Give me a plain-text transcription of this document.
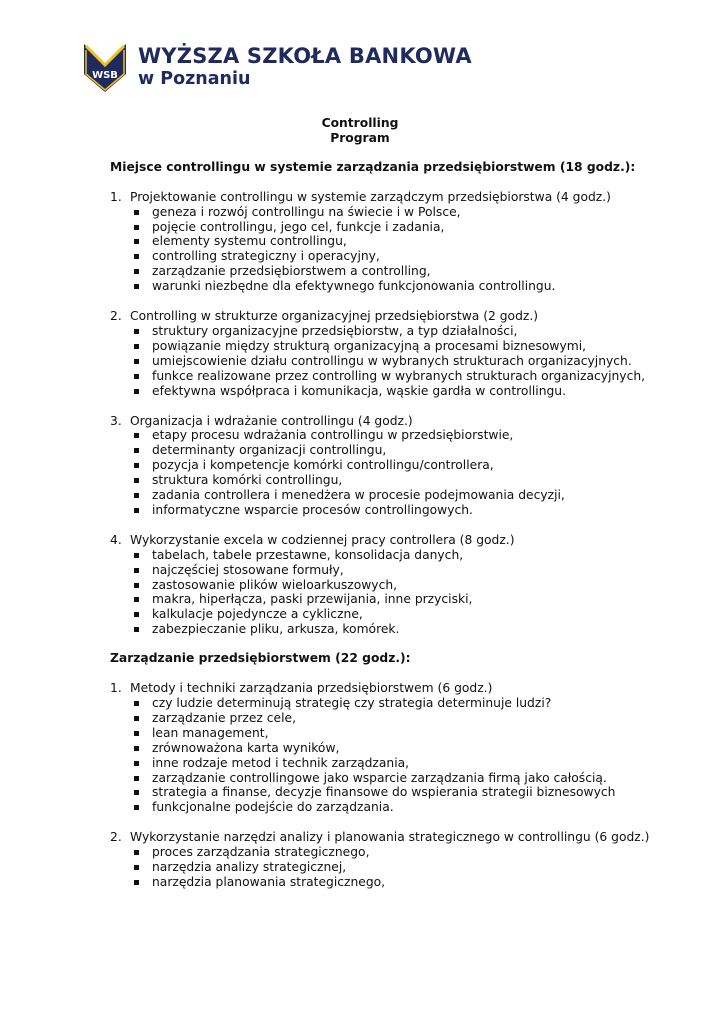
WSB
WYŻSZA SZKOŁA BANKOWA
w Poznaniu
Controlling
Program
Miejsce controllingu w systemie zarządzania przedsiębiorstwem (18 godz.):
1. Projektowanie controllingu w systemie zarządczym przedsiębiorstwa (4 godz.)
geneza i rozwój controllingu na świecie i w Polsce,
pojęcie controllingu, jego cel, funkcje i zadania,
elementy systemu controllingu,
controlling strategiczny i operacyjny,
zarządzanie przedsiębiorstwem a controlling,
warunki niezbędne dla efektywnego funkcjonowania controllingu.
2. Controlling w strukturze organizacyjnej przedsiębiorstwa (2 godz.)
struktury organizacyjne przedsiębiorstw, a typ działalności,
powiązanie między strukturą organizacyjną a procesami biznesowymi,
umiejscowienie działu controllingu w wybranych strukturach organizacyjnych.
funkce realizowane przez controlling w wybranych strukturach organizacyjnych,
efektywna współpraca i komunikacja, wąskie gardła w controllingu.
3. Organizacja i wdrażanie controllingu (4 godz.)
etapy procesu wdrażania controllingu w przedsiębiorstwie,
determinanty organizacji controllingu,
pozycja i kompetencje komórki controllingu/controllera,
struktura komórki controllingu,
zadania controllera i menedżera w procesie podejmowania decyzji,
informatyczne wsparcie procesów controllingowych.
4. Wykorzystanie excela w codziennej pracy controllera (8 godz.)
tabelach, tabele przestawne, konsolidacja danych,
najczęściej stosowane formuły,
zastosowanie plików wieloarkuszowych,
makra, hiperłącza, paski przewijania, inne przyciski,
kalkulacje pojedyncze a cykliczne,
zabezpieczanie pliku, arkusza, komórek.
Zarządzanie przedsiębiorstwem (22 godz.):
1. Metody i techniki zarządzania przedsiębiorstwem (6 godz.)
czy ludzie determinują strategię czy strategia determinuje ludzi?
zarządzanie przez cele,
lean management,
zrównoważona karta wyników,
inne rodzaje metod i technik zarządzania,
zarządzanie controllingowe jako wsparcie zarządzania firmą jako całością.
strategia a finanse, decyzje finansowe do wspierania strategii biznesowych
funkcjonalne podejście do zarządzania.
2. Wykorzystanie narzędzi analizy i planowania strategicznego w controllingu (6 godz.)
proces zarządzania strategicznego,
narzędzia analizy strategicznej,
narzędzia planowania strategicznego,
